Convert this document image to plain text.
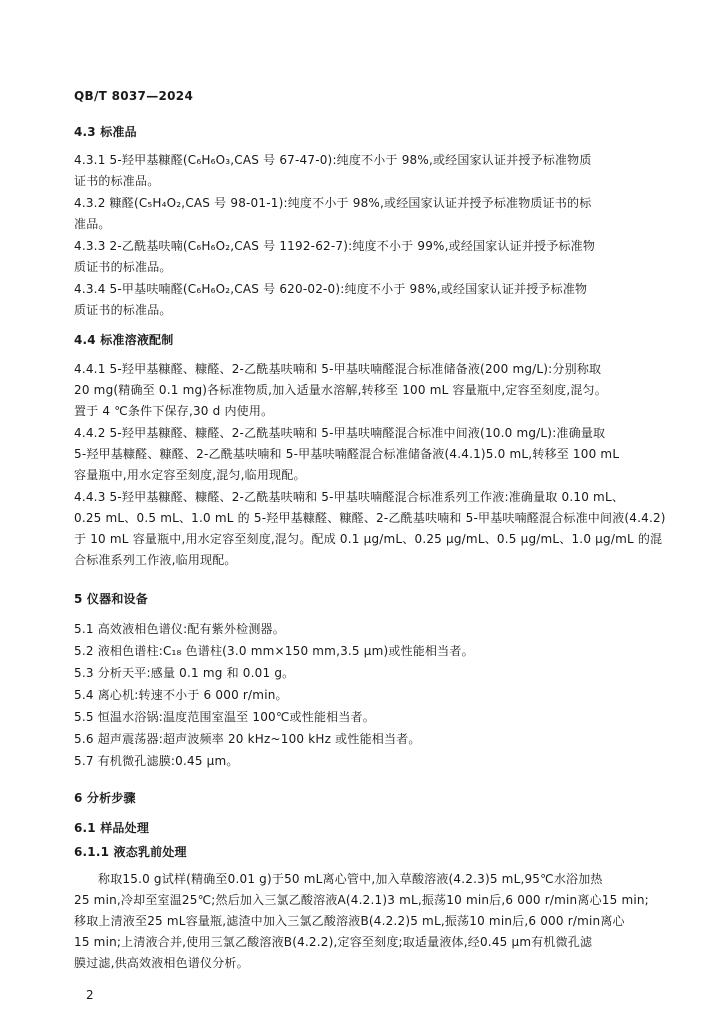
QB/T 8037—2024
4.3 标准品
4.3.1 5-羟甲基糠醛(C₆H₆O₃,CAS 号 67-47-0):纯度不小于 98%,或经国家认证并授予标准物质
证书的标准品。
4.3.2 糠醛(C₅H₄O₂,CAS 号 98-01-1):纯度不小于 98%,或经国家认证并授予标准物质证书的标
准品。
4.3.3 2-乙酰基呋喃(C₆H₆O₂,CAS 号 1192-62-7):纯度不小于 99%,或经国家认证并授予标准物
质证书的标准品。
4.3.4 5-甲基呋喃醛(C₆H₆O₂,CAS 号 620-02-0):纯度不小于 98%,或经国家认证并授予标准物
质证书的标准品。
4.4 标准溶液配制
4.4.1 5-羟甲基糠醛、糠醛、2-乙酰基呋喃和 5-甲基呋喃醛混合标准储备液(200 mg/L):分别称取
20 mg(精确至 0.1 mg)各标准物质,加入适量水溶解,转移至 100 mL 容量瓶中,定容至刻度,混匀。
置于 4 ℃条件下保存,30 d 内使用。
4.4.2 5-羟甲基糠醛、糠醛、2-乙酰基呋喃和 5-甲基呋喃醛混合标准中间液(10.0 mg/L):准确量取
5-羟甲基糠醛、糠醛、2-乙酰基呋喃和 5-甲基呋喃醛混合标准储备液(4.4.1)5.0 mL,转移至 100 mL
容量瓶中,用水定容至刻度,混匀,临用现配。
4.4.3 5-羟甲基糠醛、糠醛、2-乙酰基呋喃和 5-甲基呋喃醛混合标准系列工作液:准确量取 0.10 mL、
0.25 mL、0.5 mL、1.0 mL 的 5-羟甲基糠醛、糠醛、2-乙酰基呋喃和 5-甲基呋喃醛混合标准中间液(4.4.2)
于 10 mL 容量瓶中,用水定容至刻度,混匀。配成 0.1 μg/mL、0.25 μg/mL、0.5 μg/mL、1.0 μg/mL 的混
合标准系列工作液,临用现配。
5 仪器和设备
5.1 高效液相色谱仪:配有紫外检测器。
5.2 液相色谱柱:C₁₈ 色谱柱(3.0 mm×150 mm,3.5 μm)或性能相当者。
5.3 分析天平:感量 0.1 mg 和 0.01 g。
5.4 离心机:转速不小于 6 000 r/min。
5.5 恒温水浴锅:温度范围室温至 100℃或性能相当者。
5.6 超声震荡器:超声波频率 20 kHz~100 kHz 或性能相当者。
5.7 有机微孔滤膜:0.45 μm。
6 分析步骤
6.1 样品处理
6.1.1 液态乳前处理
称取15.0 g试样(精确至0.01 g)于50 mL离心管中,加入草酸溶液(4.2.3)5 mL,95℃水浴加热
25 min,冷却至室温25℃;然后加入三氯乙酸溶液A(4.2.1)3 mL,振荡10 min后,6 000 r/min离心15 min;
移取上清液至25 mL容量瓶,滤渣中加入三氯乙酸溶液B(4.2.2)5 mL,振荡10 min后,6 000 r/min离心
15 min;上清液合并,使用三氯乙酸溶液B(4.2.2),定容至刻度;取适量液体,经0.45 μm有机微孔滤
膜过滤,供高效液相色谱仪分析。
2
